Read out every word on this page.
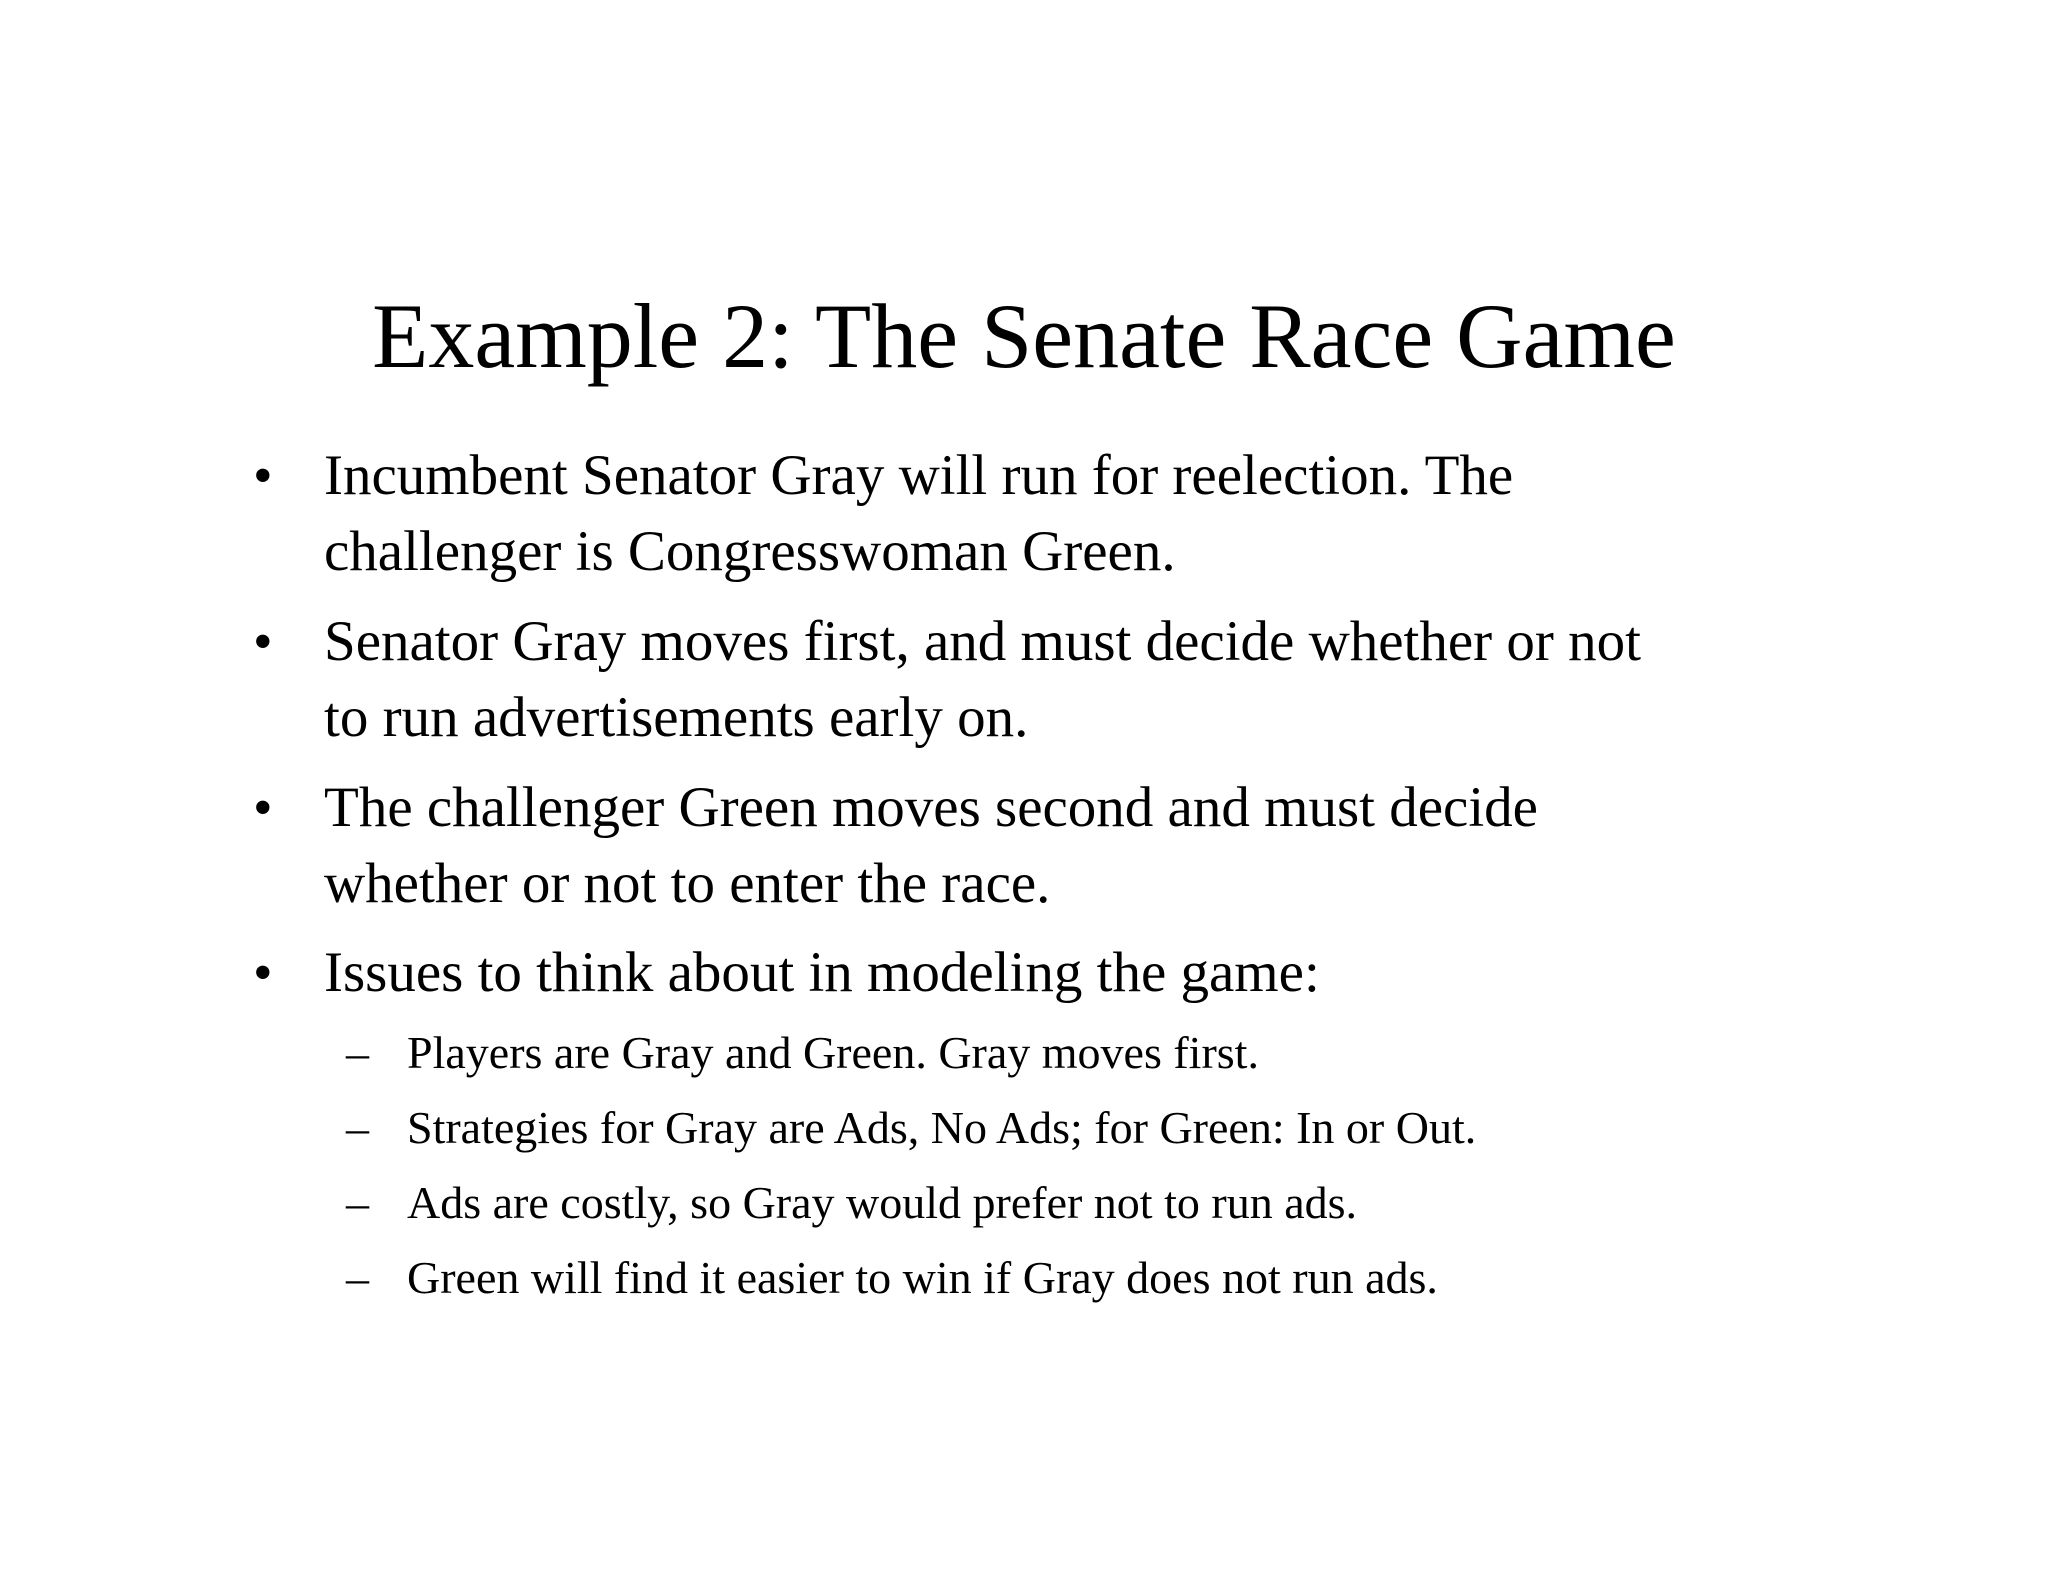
Example 2: The Senate Race Game
• Incumbent Senator Gray will run for reelection. The
challenger is Congresswoman Green.
• Senator Gray moves first, and must decide whether or not
to run advertisements early on.
• The challenger Green moves second and must decide
whether or not to enter the race.
• Issues to think about in modeling the game:
– Players are Gray and Green. Gray moves first.
– Strategies for Gray are Ads, No Ads; for Green: In or Out.
– Ads are costly, so Gray would prefer not to run ads.
– Green will find it easier to win if Gray does not run ads.
